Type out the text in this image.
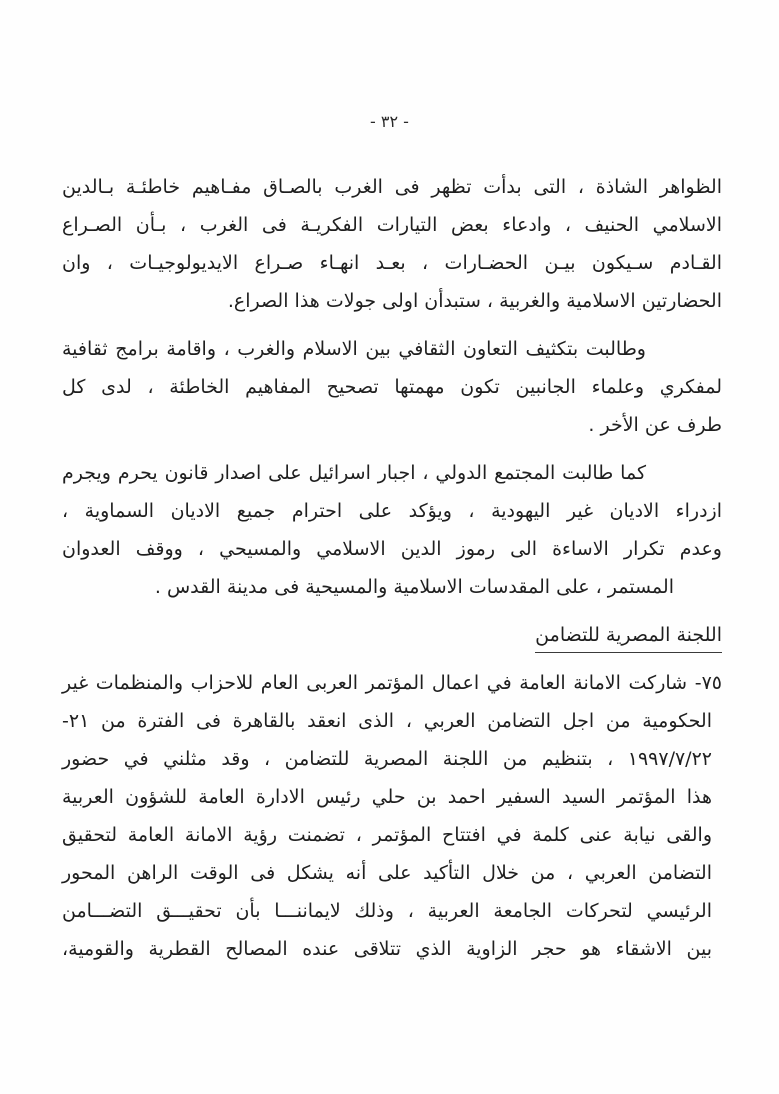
- ٣٢ -
الظواهر الشاذة ، التى بدأت تظهر فى الغرب بالصـاق مفـاهيم خاطئـة بـالدين
الاسلامي الحنيف ، وادعاء بعض التيارات الفكريـة فى الغرب ، بـأن الصـراع
القـادم سـيكون بيـن الحضـارات ، بعـد انهـاء صـراع الايديولوجيـات ، وان
الحضارتين الاسلامية والغربية ، ستبدأن اولى جولات هذا الصراع.
وطالبت بتكثيف التعاون الثقافي بين الاسلام والغرب ، واقامة برامج ثقافية
لمفكري وعلماء الجانبين تكون مهمتها تصحيح المفاهيم الخاطئة ، لدى كل
طرف عن الأخر .
كما طالبت المجتمع الدولي ، اجبار اسرائيل على اصدار قانون يحرم ويجرم
ازدراء الاديان غير اليهودية ، ويؤكد على احترام جميع الاديان السماوية ،
وعدم تكرار الاساءة الى رموز الدين الاسلامي والمسيحي ، ووقف العدوان
المستمر ، على المقدسات الاسلامية والمسيحية فى مدينة القدس .
اللجنة المصرية للتضامن
٧٥- شاركت الامانة العامة في اعمال المؤتمر العربى العام للاحزاب والمنظمات غير
الحكومية من اجل التضامن العربي ، الذى انعقد بالقاهرة فى الفترة من ٢١-
١٩٩٧/٧/٢٢ ، بتنظيم من اللجنة المصرية للتضامن ، وقد مثلني في حضور
هذا المؤتمر السيد السفير احمد بن حلي رئيس الادارة العامة للشؤون العربية
والقى نيابة عنى كلمة في افتتاح المؤتمر ، تضمنت رؤية الامانة العامة لتحقيق
التضامن العربي ، من خلال التأكيد على أنه يشكل فى الوقت الراهن المحور
الرئيسي لتحركات الجامعة العربية ، وذلك لايماننـــا بأن تحقيـــق التضـــامن
بين الاشقاء هو حجر الزاوية الذي تتلاقى عنده المصالح القطرية والقومية،
